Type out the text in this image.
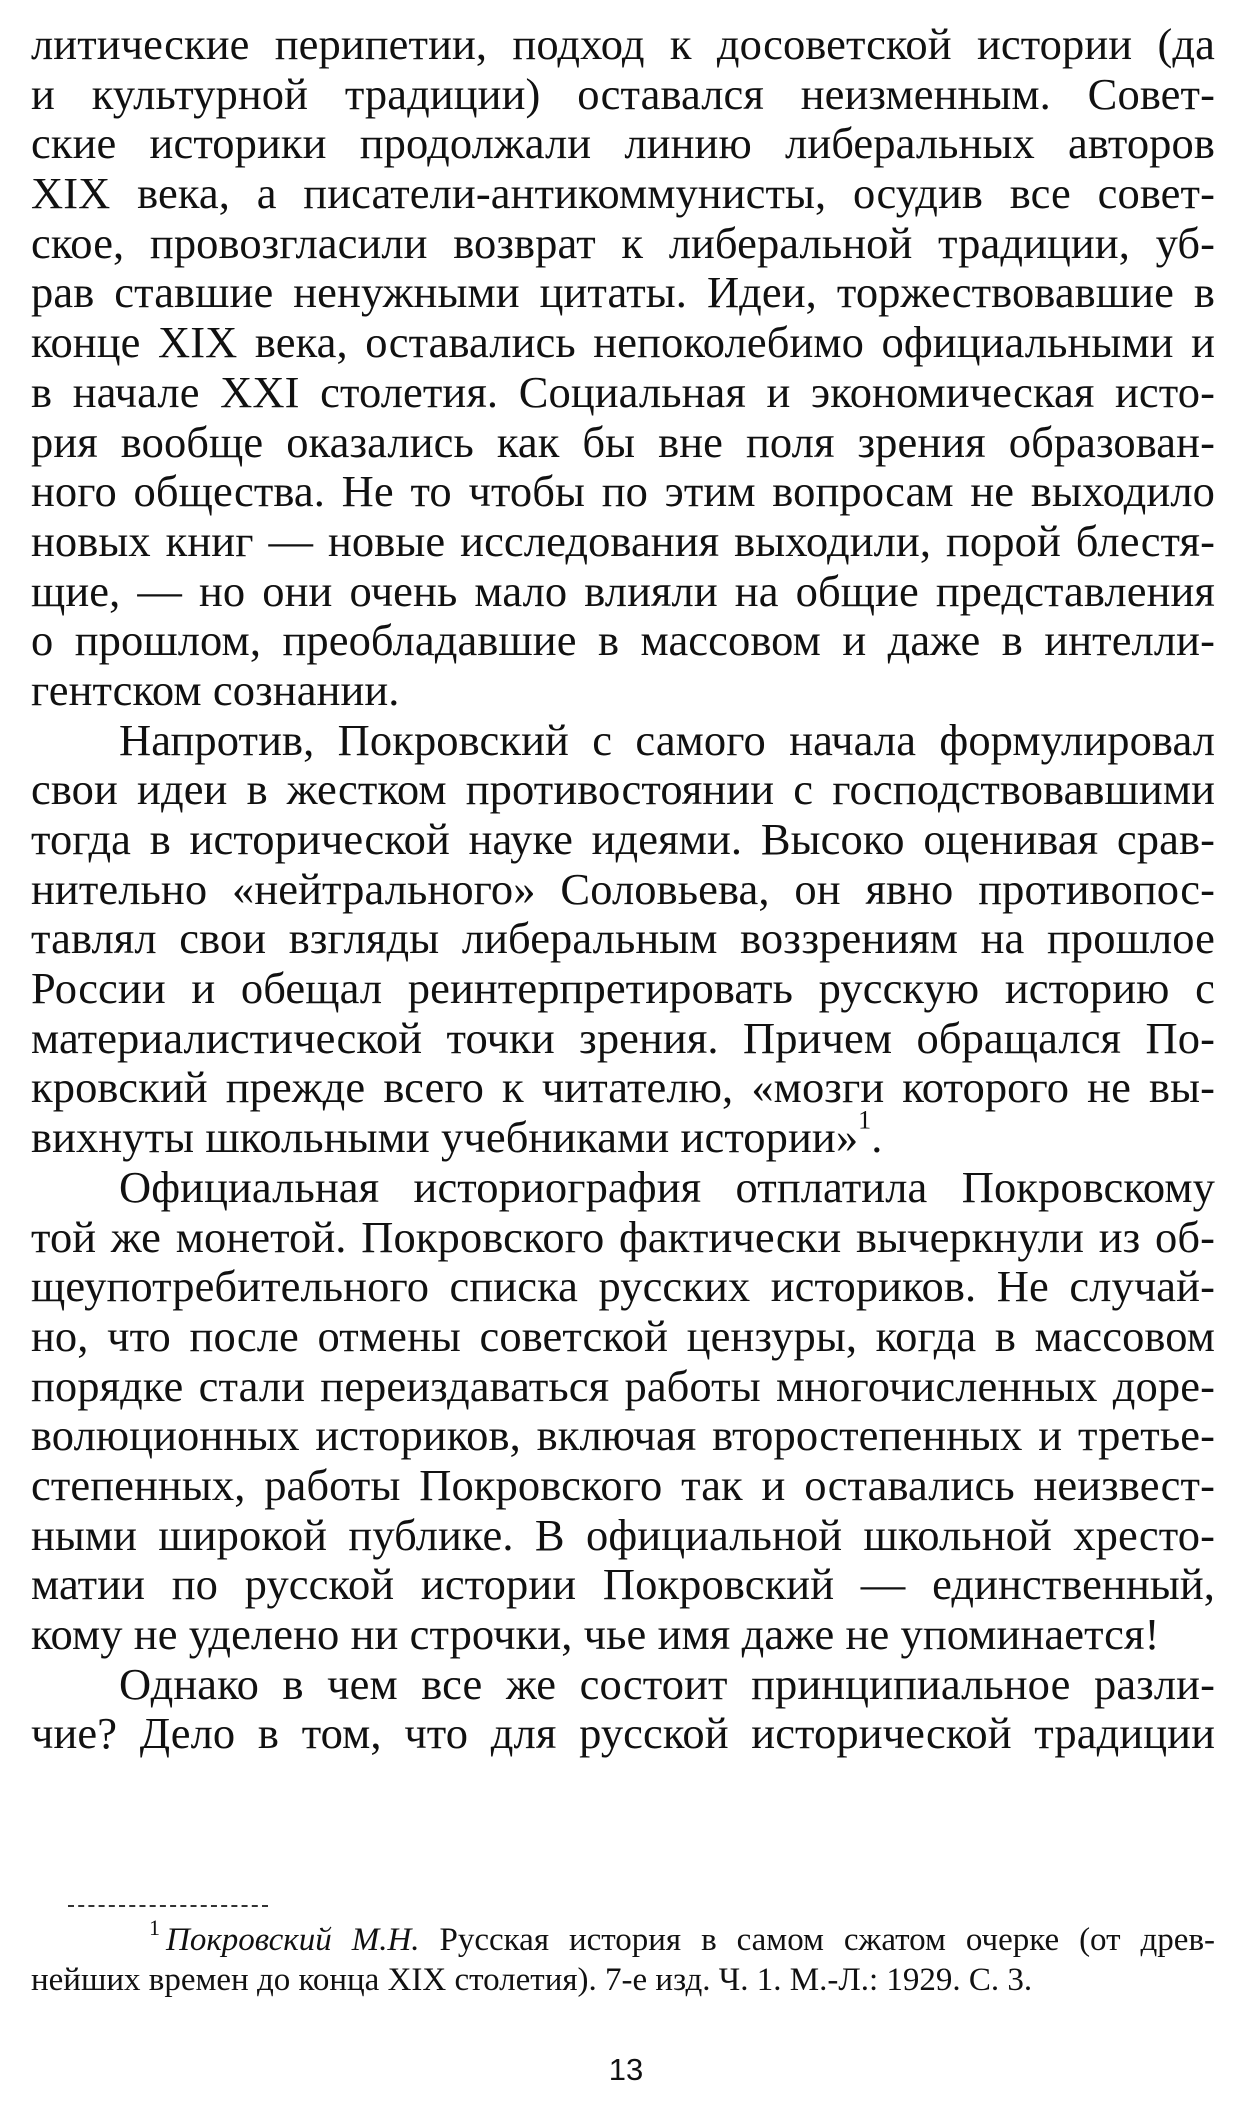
литические перипетии, подход к досоветской истории (да
и культурной традиции) оставался неизменным. Совет-
ские историки продолжали линию либеральных авторов
XIX века, а писатели-антикоммунисты, осудив все совет-
ское, провозгласили возврат к либеральной традиции, уб-
рав ставшие ненужными цитаты. Идеи, торжествовавшие в
конце XIX века, оставались непоколебимо официальными и
в начале XXI столетия. Социальная и экономическая исто-
рия вообще оказались как бы вне поля зрения образован-
ного общества. Не то чтобы по этим вопросам не выходило
новых книг — новые исследования выходили, порой блестя-
щие, — но они очень мало влияли на общие представления
о прошлом, преобладавшие в массовом и даже в интелли-
гентском сознании.
Напротив, Покровский с самого начала формулировал
свои идеи в жестком противостоянии с господствовавшими
тогда в исторической науке идеями. Высоко оценивая срав-
нительно «нейтрального» Соловьева, он явно противопос-
тавлял свои взгляды либеральным воззрениям на прошлое
России и обещал реинтерпретировать русскую историю с
материалистической точки зрения. Причем обращался По-
кровский прежде всего к читателю, «мозги которого не вы-
вихнуты школьными учебниками истории»$^1$.
Официальная историография отплатила Покровскому
той же монетой. Покровского фактически вычеркнули из об-
щеупотребительного списка русских историков. Не случай-
но, что после отмены советской цензуры, когда в массовом
порядке стали переиздаваться работы многочисленных доре-
волюционных историков, включая второстепенных и третье-
степенных, работы Покровского так и оставались неизвест-
ными широкой публике. В официальной школьной хресто-
матии по русской истории Покровский — единственный,
кому не уделено ни строчки, чье имя даже не упоминается!
Однако в чем все же состоит принципиальное разли-
чие? Дело в том, что для русской исторической традиции
$^1$ Покровский М.Н. Русская история в самом сжатом очерке (от древ-
нейших времен до конца XIX столетия). 7-е изд. Ч. 1. М.-Л.: 1929. С. 3.
13
